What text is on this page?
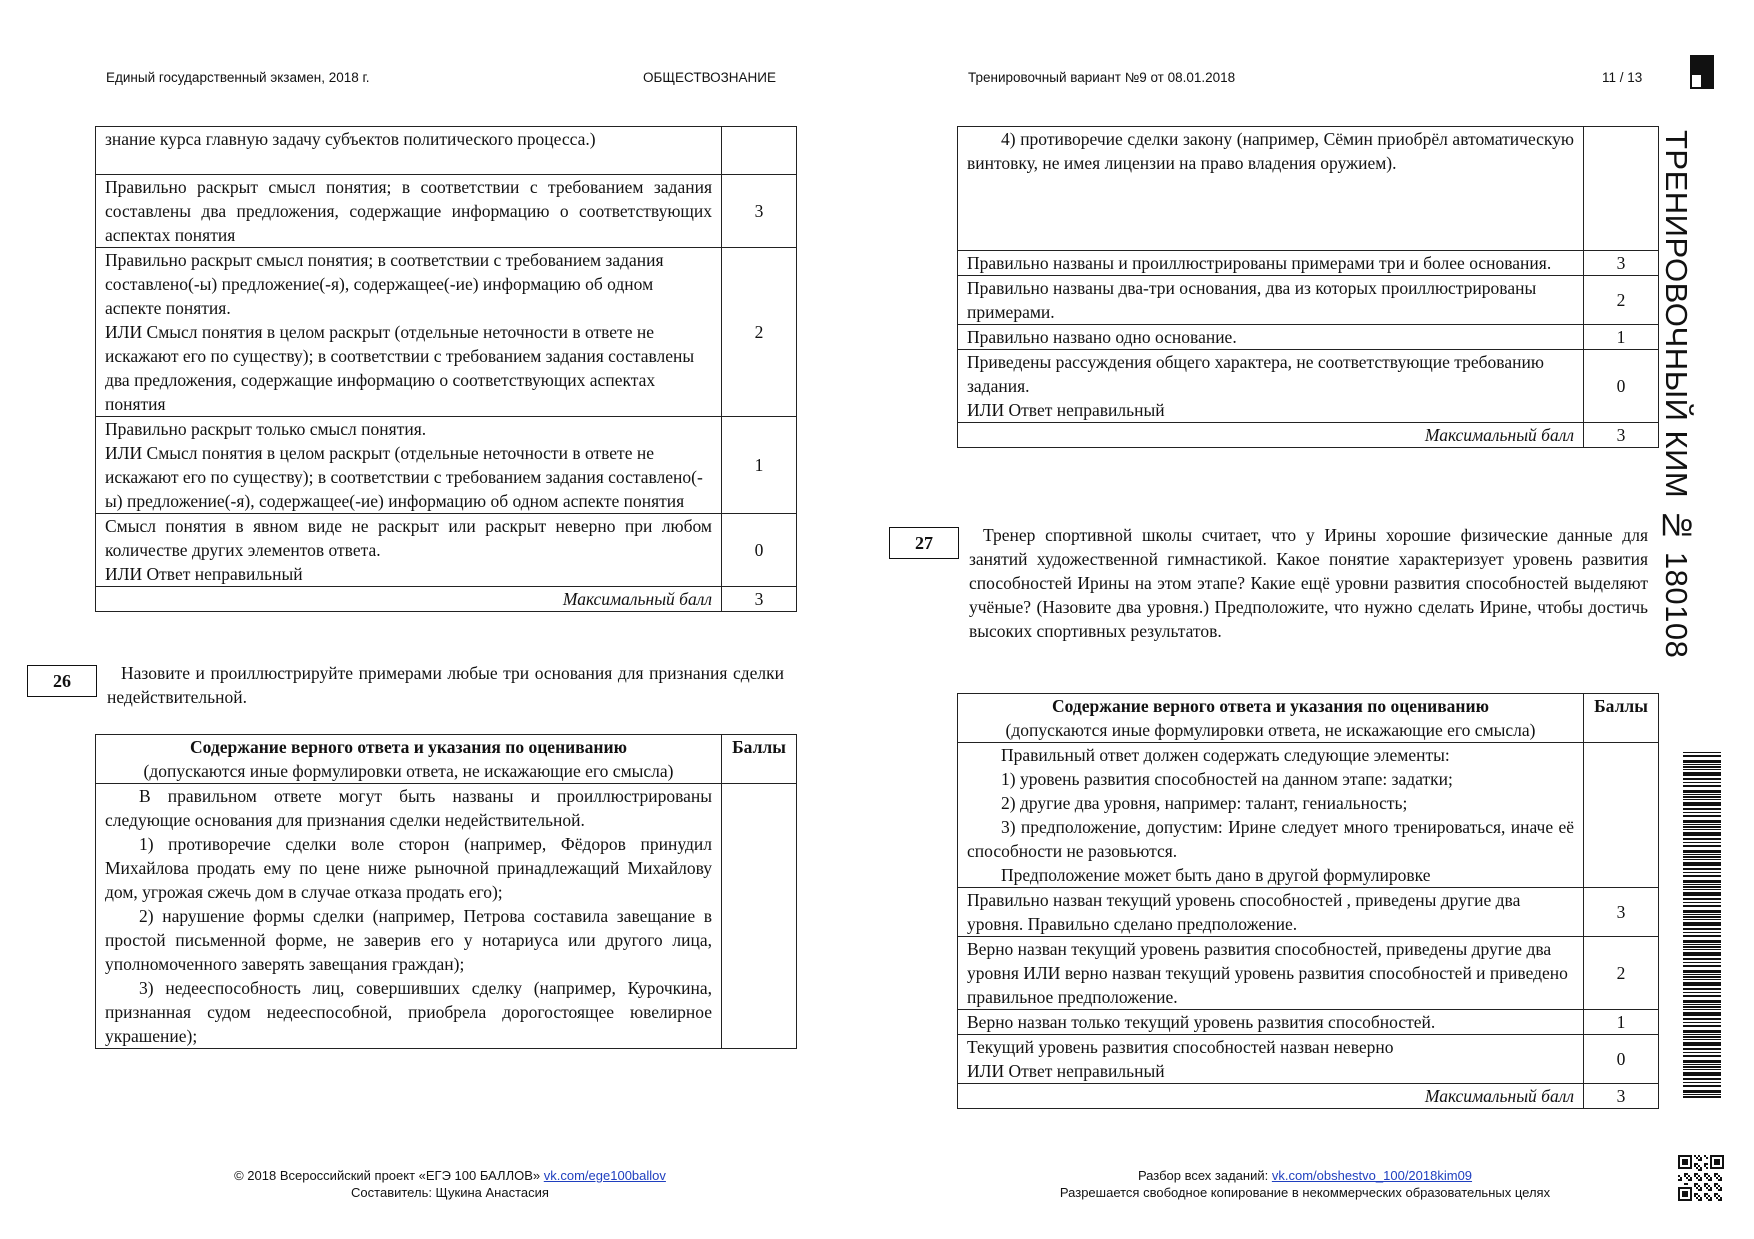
Единый государственный экзамен, 2018 г.	ОБЩЕСТВОЗНАНИЕ	Тренировочный вариант №9 от 08.01.2018	11 / 13
ТРЕНИРОВОЧНЫЙ КИМ № 180108
знание курса главную задачу субъектов политического процесса.)	
Правильно раскрыт смысл понятия; в соответствии с требованием задания составлены два предложения, содержащие информацию о соответствующих аспектах понятия	3

Правильно раскрыт смысл понятия; в соответствии с требованием задания составлено(-ы) предложение(-я), содержащее(-ие) информацию об одном аспекте понятия.
ИЛИ Смысл понятия в целом раскрыт (отдельные неточности в ответе не искажают его по существу); в соответствии с требованием задания составлены два предложения, содержащие информацию о соответствующих аспектах понятия	2

Правильно раскрыт только смысл понятия.
ИЛИ Смысл понятия в целом раскрыт (отдельные неточности в ответе не искажают его по существу); в соответствии с требованием задания составлено(-ы) предложение(-я), содержащее(-ие) информацию об одном аспекте понятия	1

Смысл понятия в явном виде не раскрыт или раскрыт неверно при любом количестве других элементов ответа.
ИЛИ Ответ неправильный	0
Максимальный балл	3
26	Назовите и проиллюстрируйте примерами любые три основания для признания сделки недействительной.
Содержание верного ответа и указания по оцениванию
(допускаются иные формулировки ответа, не искажающие его смысла)	Баллы

В правильном ответе могут быть названы и проиллюстрированы следующие основания для признания сделки недействительной.
1) противоречие сделки воле сторон (например, Фёдоров принудил Михайлова продать ему по цене ниже рыночной принадлежащий Михайлову дом, угрожая сжечь дом в случае отказа продать его);
2) нарушение формы сделки (например, Петрова составила завещание в простой письменной форме, не заверив его у нотариуса или другого лица, уполномоченного заверять завещания граждан);
3) недееспособность лиц, совершивших сделку (например, Курочкина, признанная судом недееспособной, приобрела дорогостоящее ювелирное украшение);	

4) противоречие сделки закону (например, Сёмин приобрёл автоматическую винтовку, не имея лицензии на право владения оружием).	
Правильно названы и проиллюстрированы примерами три и более основания.	3
Правильно названы два-три основания, два из которых проиллюстрированы примерами.	2
Правильно названо одно основание.	1

Приведены рассуждения общего характера, не соответствующие требованию задания.
ИЛИ Ответ неправильный	0
Максимальный балл	3
27	Тренер спортивной школы считает, что у Ирины хорошие физические данные для занятий художественной гимнастикой. Какое понятие характеризует уровень развития способностей Ирины на этом этапе? Какие ещё уровни развития способностей выделяют учёные? (Назовите два уровня.) Предположите, что нужно сделать Ирине, чтобы достичь высоких спортивных результатов.
Содержание верного ответа и указания по оцениванию
(допускаются иные формулировки ответа, не искажающие его смысла)	Баллы

Правильный ответ должен содержать следующие элементы:
1) уровень развития способностей на данном этапе: задатки;
2) другие два уровня, например: талант, гениальность;
3) предположение, допустим: Ирине следует много тренироваться, иначе её способности не разовьются.
Предположение может быть дано в другой формулировке	

Правильно назван текущий уровень способностей , приведены другие два уровня. Правильно сделано предположение.	3
Верно назван текущий уровень развития способностей, приведены другие два уровня ИЛИ верно назван текущий уровень развития способностей и приведено правильное предположение.	2
Верно назван только текущий уровень развития способностей.	1

Текущий уровень развития способностей назван неверно
ИЛИ Ответ неправильный	0
Максимальный балл	3
© 2018 Всероссийский проект «ЕГЭ 100 БАЛЛОВ» vk.com/ege100ballov
Составитель: Щукина Анастасия
Разбор всех заданий: vk.com/obshestvo_100/2018kim09
Разрешается свободное копирование в некоммерческих образовательных целях
